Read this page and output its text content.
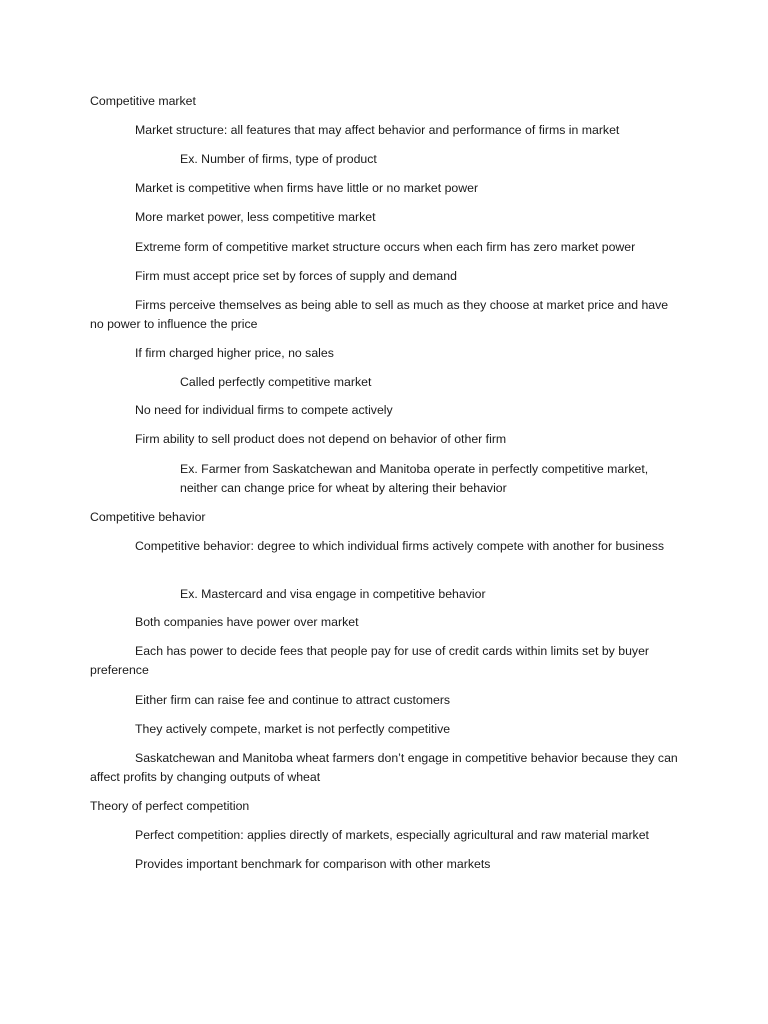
Competitive market
Market structure: all features that may affect behavior and performance of firms in market
Ex. Number of firms, type of product
Market is competitive when firms have little or no market power
More market power, less competitive market
Extreme form of competitive market structure occurs when each firm has zero market power
Firm must accept price set by forces of supply and demand
Firms perceive themselves as being able to sell as much as they choose at market price and have no power to influence the price
If firm charged higher price, no sales
Called perfectly competitive market
No need for individual firms to compete actively
Firm ability to sell product does not depend on behavior of other firm
Ex. Farmer from Saskatchewan and Manitoba operate in perfectly competitive market, neither can change price for wheat by altering their behavior
Competitive behavior
Competitive behavior: degree to which individual firms actively compete with another for business
Ex. Mastercard and visa engage in competitive behavior
Both companies have power over market
Each has power to decide fees that people pay for use of credit cards within limits set by buyer preference
Either firm can raise fee and continue to attract customers
They actively compete, market is not perfectly competitive
Saskatchewan and Manitoba wheat farmers don’t engage in competitive behavior because they can affect profits by changing outputs of wheat
Theory of perfect competition
Perfect competition: applies directly of markets, especially agricultural and raw material market
Provides important benchmark for comparison with other markets
